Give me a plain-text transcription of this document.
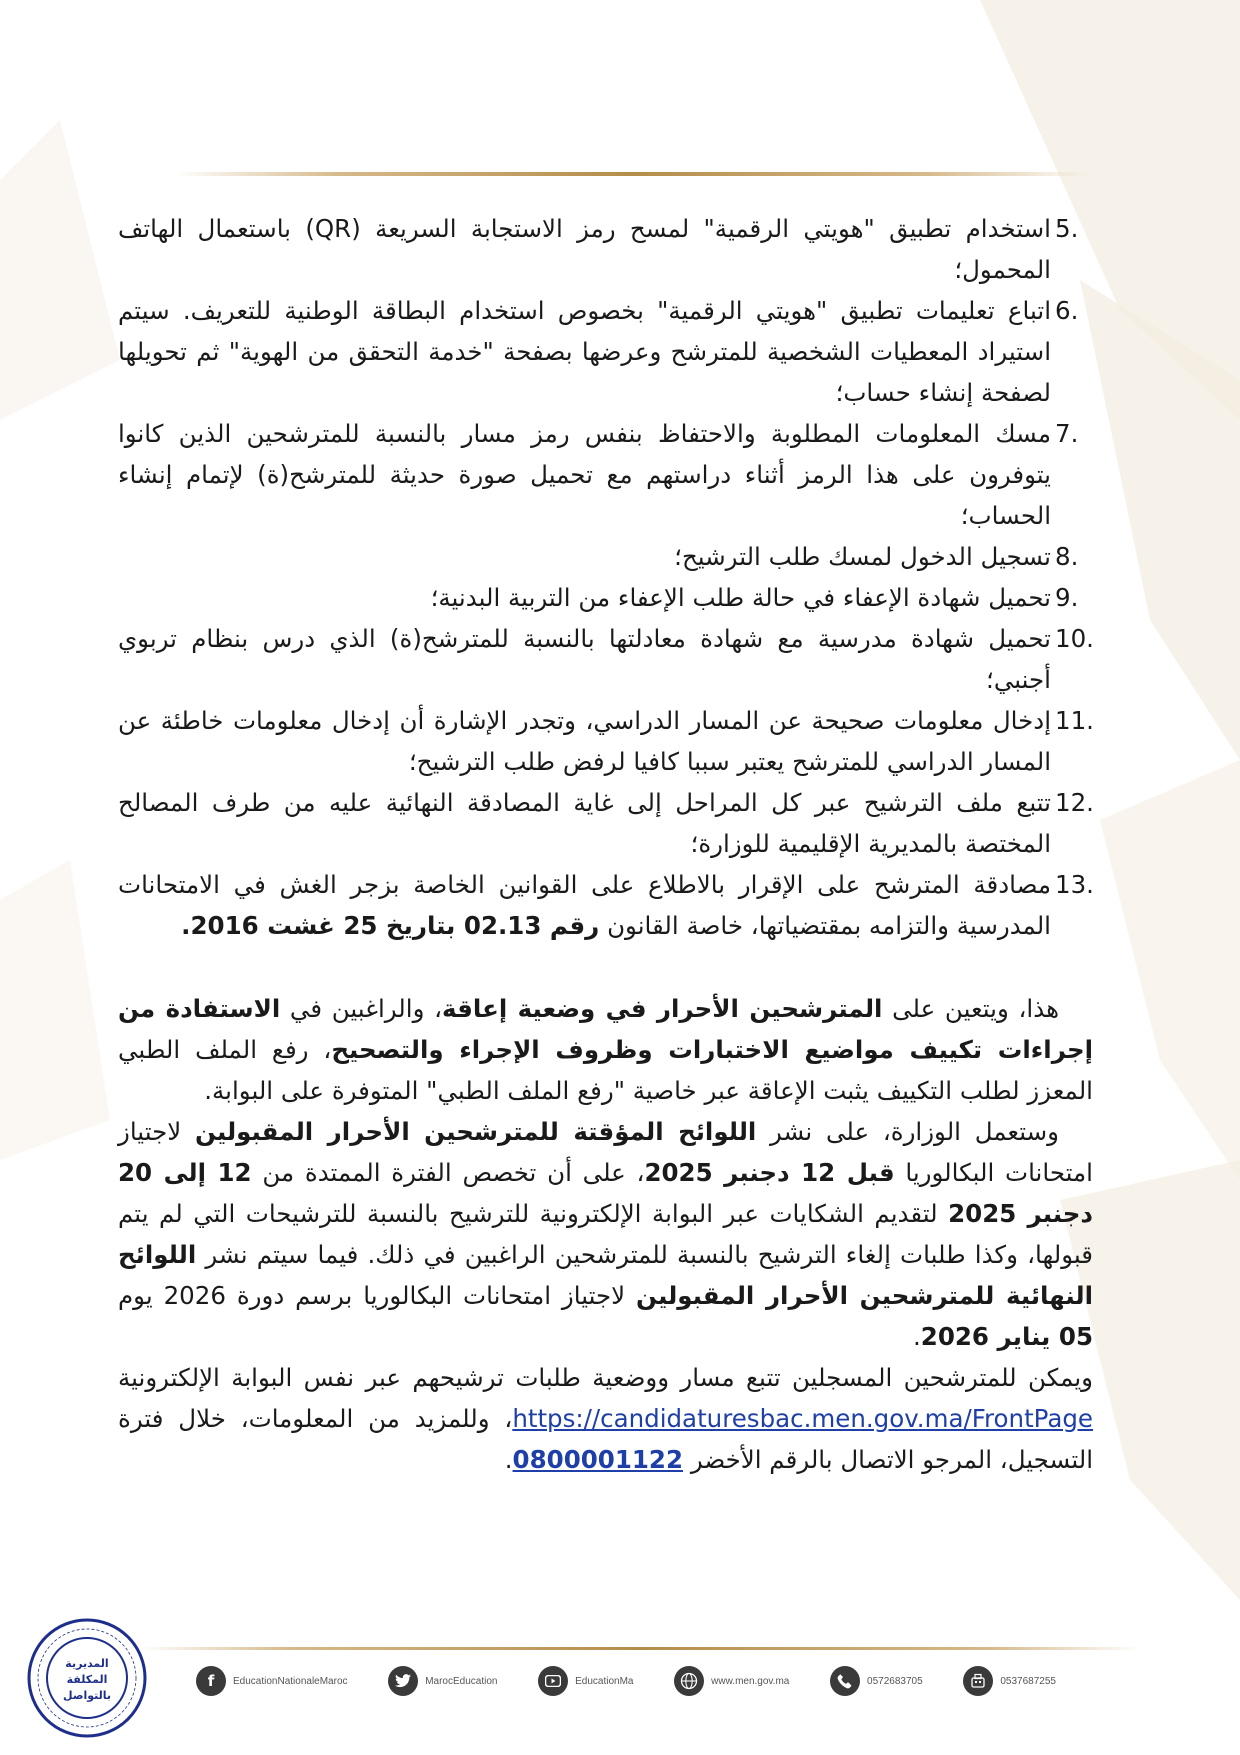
5.
استخدام تطبيق "هويتي الرقمية" لمسح رمز الاستجابة السريعة (QR) باستعمال الهاتف المحمول؛
6.
اتباع تعليمات تطبيق "هويتي الرقمية" بخصوص استخدام البطاقة الوطنية للتعريف. سيتم استيراد المعطيات الشخصية للمترشح وعرضها بصفحة "خدمة التحقق من الهوية" ثم تحويلها لصفحة إنشاء حساب؛
7.
مسك المعلومات المطلوبة والاحتفاظ بنفس رمز مسار بالنسبة للمترشحين الذين كانوا يتوفرون على هذا الرمز أثناء دراستهم مع تحميل صورة حديثة للمترشح(ة) لإتمام إنشاء الحساب؛
8.
تسجيل الدخول لمسك طلب الترشيح؛
9.
تحميل شهادة الإعفاء في حالة طلب الإعفاء من التربية البدنية؛
10.
تحميل شهادة مدرسية مع شهادة معادلتها بالنسبة للمترشح(ة) الذي درس بنظام تربوي أجنبي؛
11.
إدخال معلومات صحيحة عن المسار الدراسي، وتجدر الإشارة أن إدخال معلومات خاطئة عن المسار الدراسي للمترشح يعتبر سببا كافيا لرفض طلب الترشيح؛
12.
تتبع ملف الترشيح عبر كل المراحل إلى غاية المصادقة النهائية عليه من طرف المصالح المختصة بالمديرية الإقليمية للوزارة؛
13.
مصادقة المترشح على الإقرار بالاطلاع على القوانين الخاصة بزجر الغش في الامتحانات المدرسية والتزامه بمقتضياتها، خاصة القانون رقم 02.13 بتاريخ 25 غشت 2016.

هذا، ويتعين على المترشحين الأحرار في وضعية إعاقة، والراغبين في الاستفادة من إجراءات تكييف مواضيع الاختبارات وظروف الإجراء والتصحيح، رفع الملف الطبي المعزز لطلب التكييف يثبت الإعاقة عبر خاصية "رفع الملف الطبي" المتوفرة على البوابة.

وستعمل الوزارة، على نشر اللوائح المؤقتة للمترشحين الأحرار المقبولين لاجتياز امتحانات البكالوريا قبل 12 دجنبر 2025، على أن تخصص الفترة الممتدة من 12 إلى 20 دجنبر 2025 لتقديم الشكايات عبر البوابة الإلكترونية للترشيح بالنسبة للترشيحات التي لم يتم قبولها، وكذا طلبات إلغاء الترشيح بالنسبة للمترشحين الراغبين في ذلك. فيما سيتم نشر اللوائح النهائية للمترشحين الأحرار المقبولين لاجتياز امتحانات البكالوريا برسم دورة 2026 يوم 05 يناير 2026.

ويمكن للمترشحين المسجلين تتبع مسار ووضعية طلبات ترشيحهم عبر نفس البوابة الإلكترونية https://candidaturesbac.men.gov.ma/FrontPage، وللمزيد من المعلومات، خلال فترة التسجيل، المرجو الاتصال بالرقم الأخضر 0800001122.

المديرية
المكلفة
بالتواصل
f	EducationNationaleMaroc	MarocEducation	EducationMa	www.men.gov.ma	0572683705	0537687255
